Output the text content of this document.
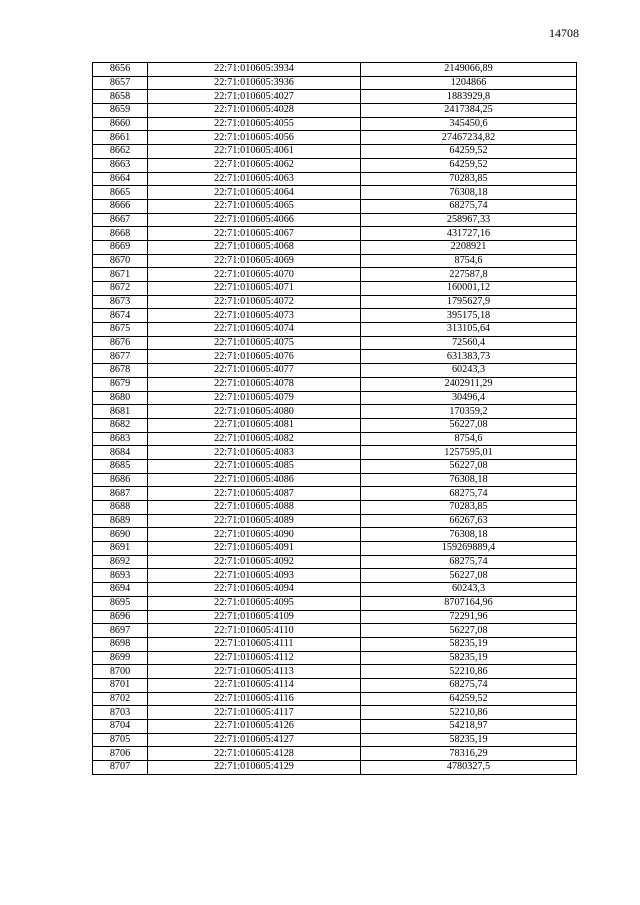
14708
8656	22:71:010605:3934	2149066,89
8657	22:71:010605:3936	1204866
8658	22:71:010605:4027	1883929,8
8659	22:71:010605:4028	2417384,25
8660	22:71:010605:4055	345450,6
8661	22:71:010605:4056	27467234,82
8662	22:71:010605:4061	64259,52
8663	22:71:010605:4062	64259,52
8664	22:71:010605:4063	70283,85
8665	22:71:010605:4064	76308,18
8666	22:71:010605:4065	68275,74
8667	22:71:010605:4066	258967,33
8668	22:71:010605:4067	431727,16
8669	22:71:010605:4068	2208921
8670	22:71:010605:4069	8754,6
8671	22:71:010605:4070	227587,8
8672	22:71:010605:4071	160001,12
8673	22:71:010605:4072	1795627,9
8674	22:71:010605:4073	395175,18
8675	22:71:010605:4074	313105,64
8676	22:71:010605:4075	72560,4
8677	22:71:010605:4076	631383,73
8678	22:71:010605:4077	60243,3
8679	22:71:010605:4078	2402911,29
8680	22:71:010605:4079	30496,4
8681	22:71:010605:4080	170359,2
8682	22:71:010605:4081	56227,08
8683	22:71:010605:4082	8754,6
8684	22:71:010605:4083	1257595,01
8685	22:71:010605:4085	56227,08
8686	22:71:010605:4086	76308,18
8687	22:71:010605:4087	68275,74
8688	22:71:010605:4088	70283,85
8689	22:71:010605:4089	66267,63
8690	22:71:010605:4090	76308,18
8691	22:71:010605:4091	159269889,4
8692	22:71:010605:4092	68275,74
8693	22:71:010605:4093	56227,08
8694	22:71:010605:4094	60243,3
8695	22:71:010605:4095	8707164,96
8696	22:71:010605:4109	72291,96
8697	22:71:010605:4110	56227,08
8698	22:71:010605:4111	58235,19
8699	22:71:010605:4112	58235,19
8700	22:71:010605:4113	52210,86
8701	22:71:010605:4114	68275,74
8702	22:71:010605:4116	64259,52
8703	22:71:010605:4117	52210,86
8704	22:71:010605:4126	54218,97
8705	22:71:010605:4127	58235,19
8706	22:71:010605:4128	78316,29
8707	22:71:010605:4129	4780327,5
